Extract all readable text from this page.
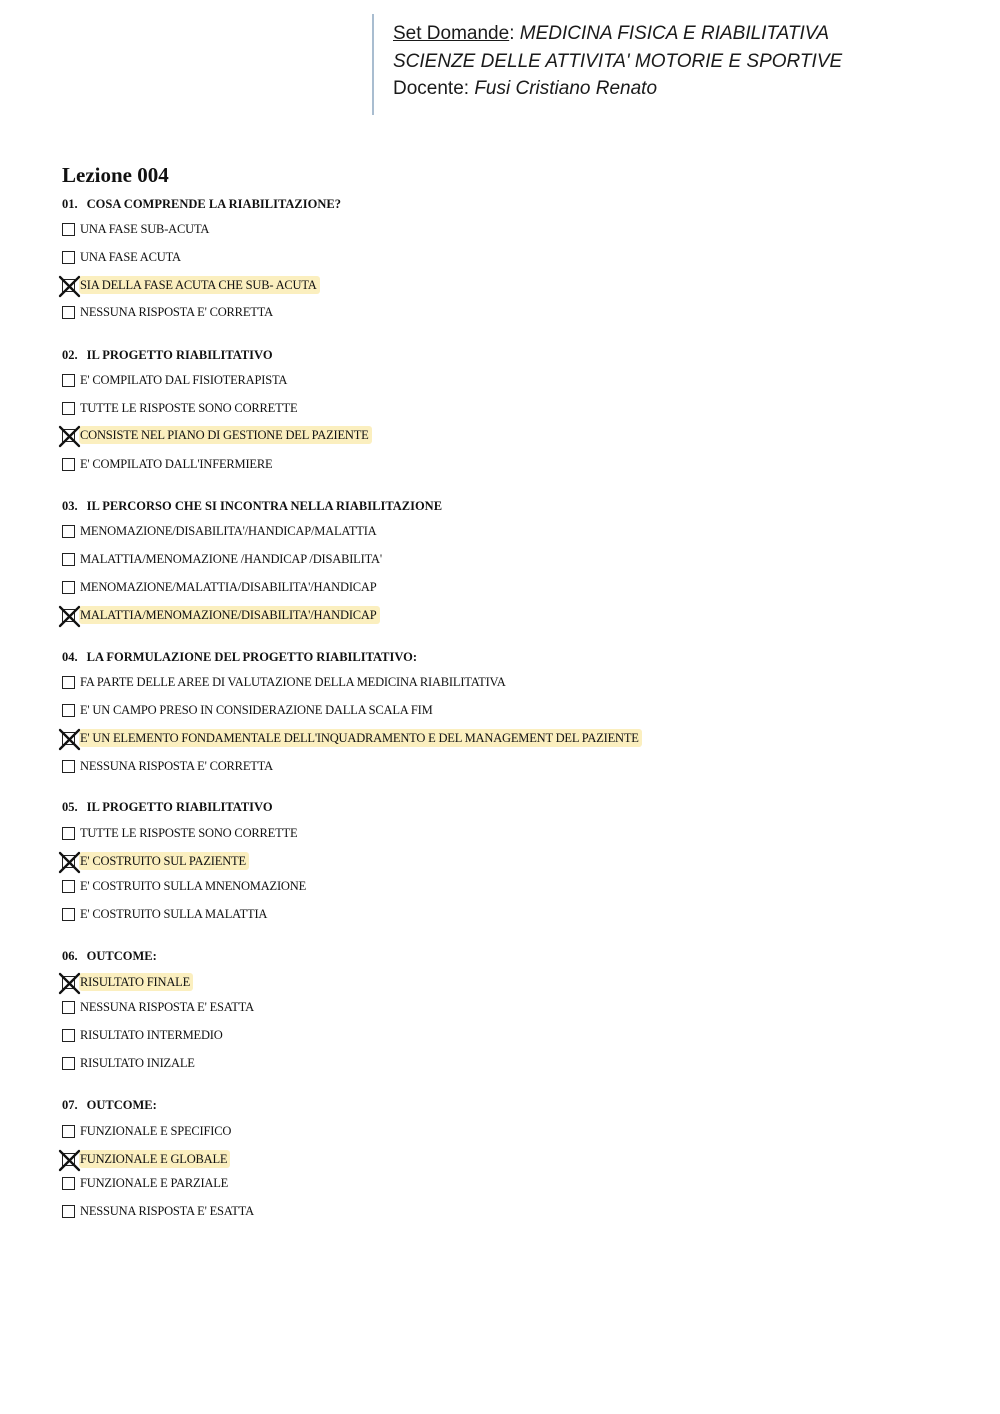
Set Domande: MEDICINA FISICA E RIABILITATIVA
SCIENZE DELLE ATTIVITA' MOTORIE E SPORTIVE
Docente: Fusi Cristiano Renato
Lezione 004
01. COSA COMPRENDE LA RIABILITAZIONE?
UNA FASE SUB-ACUTA
UNA FASE ACUTA
SIA DELLA FASE ACUTA CHE SUB- ACUTA
NESSUNA RISPOSTA E' CORRETTA
02. IL PROGETTO RIABILITATIVO
E' COMPILATO DAL FISIOTERAPISTA
TUTTE LE RISPOSTE SONO CORRETTE
CONSISTE NEL PIANO DI GESTIONE DEL PAZIENTE
E' COMPILATO DALL'INFERMIERE
03. IL PERCORSO CHE SI INCONTRA NELLA RIABILITAZIONE
MENOMAZIONE/DISABILITA'/HANDICAP/MALATTIA
MALATTIA/MENOMAZIONE /HANDICAP /DISABILITA'
MENOMAZIONE/MALATTIA/DISABILITA'/HANDICAP
MALATTIA/MENOMAZIONE/DISABILITA'/HANDICAP
04. LA FORMULAZIONE DEL PROGETTO RIABILITATIVO:
FA PARTE DELLE AREE DI VALUTAZIONE DELLA MEDICINA RIABILITATIVA
E' UN CAMPO PRESO IN CONSIDERAZIONE DALLA SCALA FIM
E' UN ELEMENTO FONDAMENTALE DELL'INQUADRAMENTO E DEL MANAGEMENT DEL PAZIENTE
NESSUNA RISPOSTA E' CORRETTA
05. IL PROGETTO RIABILITATIVO
TUTTE LE RISPOSTE SONO CORRETTE
E' COSTRUITO SUL PAZIENTE
E' COSTRUITO SULLA MNENOMAZIONE
E' COSTRUITO SULLA MALATTIA
06. OUTCOME:
RISULTATO FINALE
NESSUNA RISPOSTA E' ESATTA
RISULTATO INTERMEDIO
RISULTATO INIZALE
07. OUTCOME:
FUNZIONALE E SPECIFICO
FUNZIONALE E GLOBALE
FUNZIONALE E PARZIALE
NESSUNA RISPOSTA E' ESATTA
